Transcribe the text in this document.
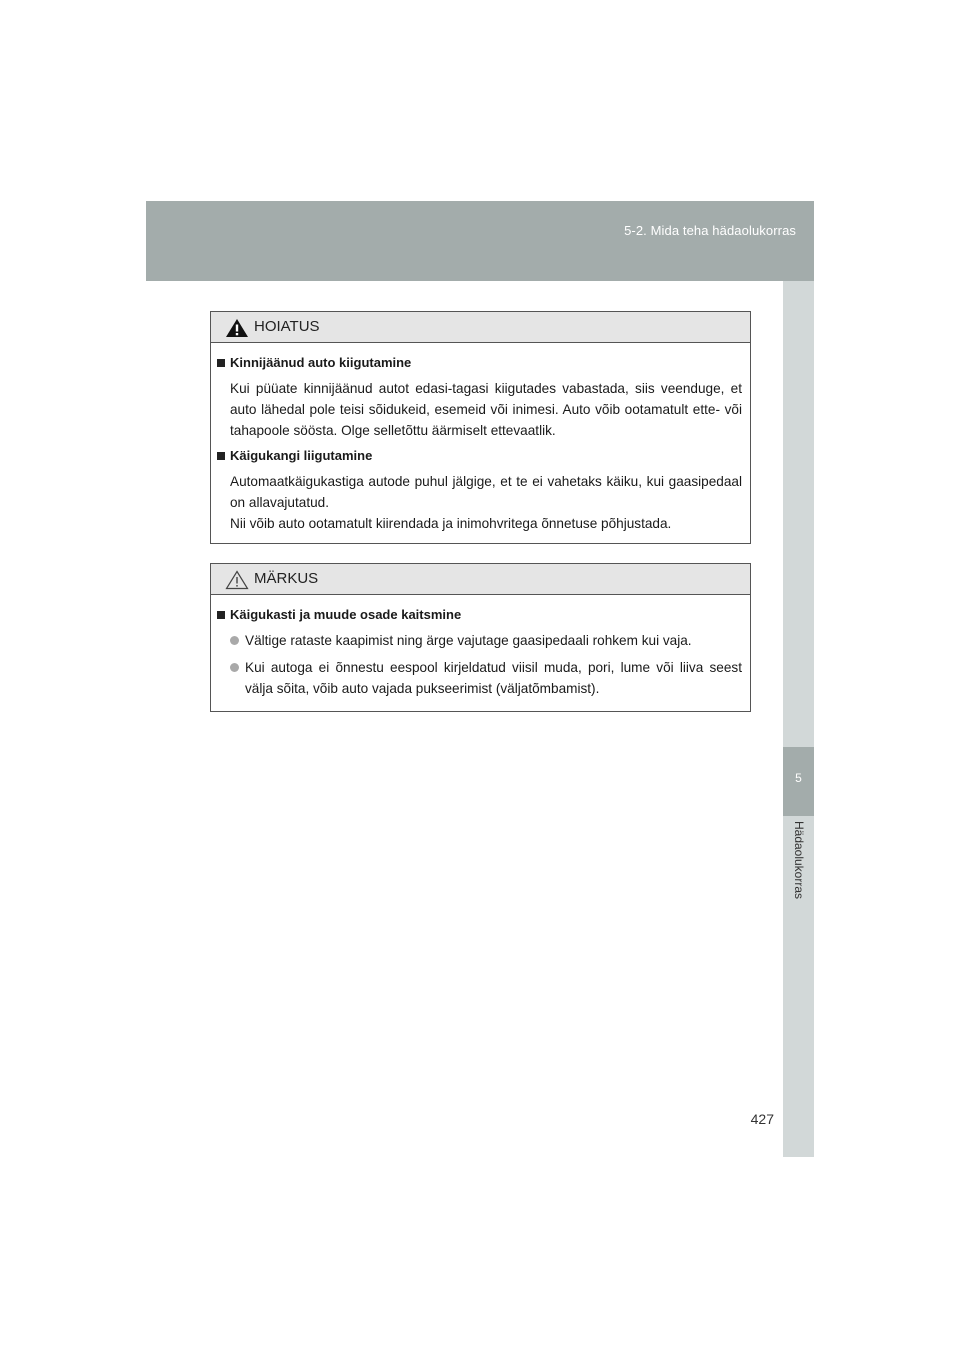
5-2. Mida teha hädaolukorras
5
Hädaolukorras
HOIATUS
Kinnijäänud auto kiigutamine

Kui püüate kinnijäänud autot edasi-tagasi kiigutades vabastada, siis veenduge, et auto lähedal pole teisi sõidukeid, esemeid või inimesi. Auto võib ootamatult ette- või tahapoole söösta. Olge selletõttu äärmiselt ettevaatlik.

Käigukangi liigutamine

Automaatkäigukastiga autode puhul jälgige, et te ei vahetaks käiku, kui gaasipedaal on allavajutatud.

Nii võib auto ootamatult kiirendada ja inimohvritega õnnetuse põhjustada.

MÄRKUS
Käigukasti ja muude osade kaitsmine
Vältige rataste kaapimist ning ärge vajutage gaasipedaali rohkem kui vaja.
Kui autoga ei õnnestu eespool kirjeldatud viisil muda, pori, lume või liiva seest välja sõita, võib auto vajada pukseerimist (väljatõmbamist).
427
